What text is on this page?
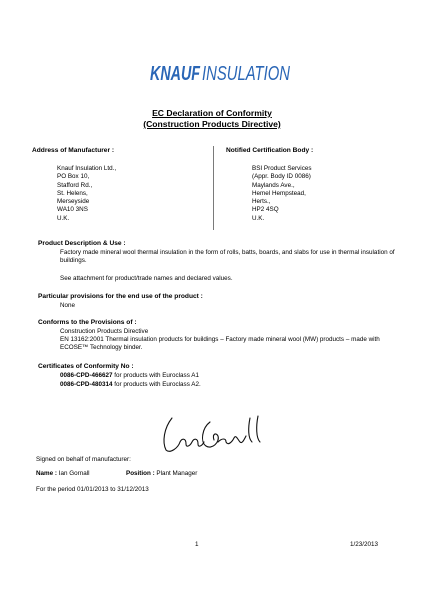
KNAUF INSULATION
EC Declaration of Conformity
(Construction Products Directive)
Address of Manufacturer :
Knauf Insulation Ltd.,
PO Box 10,
Stafford Rd.,
St. Helens,
Merseyside
WA10 3NS
U.K.
Notified Certification Body :
BSI Product Services
(Appr. Body ID 0086)
Maylands Ave.,
Hemel Hempstead,
Herts.,
HP2 4SQ
U.K.
Product Description & Use :
Factory made mineral wool thermal insulation in the form of rolls, batts, boards, and slabs for use in thermal insulation of buildings.
See attachment for product/trade names and declared values.
Particular provisions for the end use of the product :
None
Conforms to the Provisions of :
Construction Products Directive
EN 13162:2001 Thermal insulation products for buildings – Factory made mineral wool (MW) products – made with ECOSE™ Technology binder.
Certificates of Conformity No :
0086-CPD-466627 for products with Euroclass A1
0086-CPD-480314 for products with Euroclass A2.
Signed on behalf of manufacturer:
Name : Ian Gornall	Position : Plant Manager
For the period 01/01/2013 to 31/12/2013
1	1/23/2013
